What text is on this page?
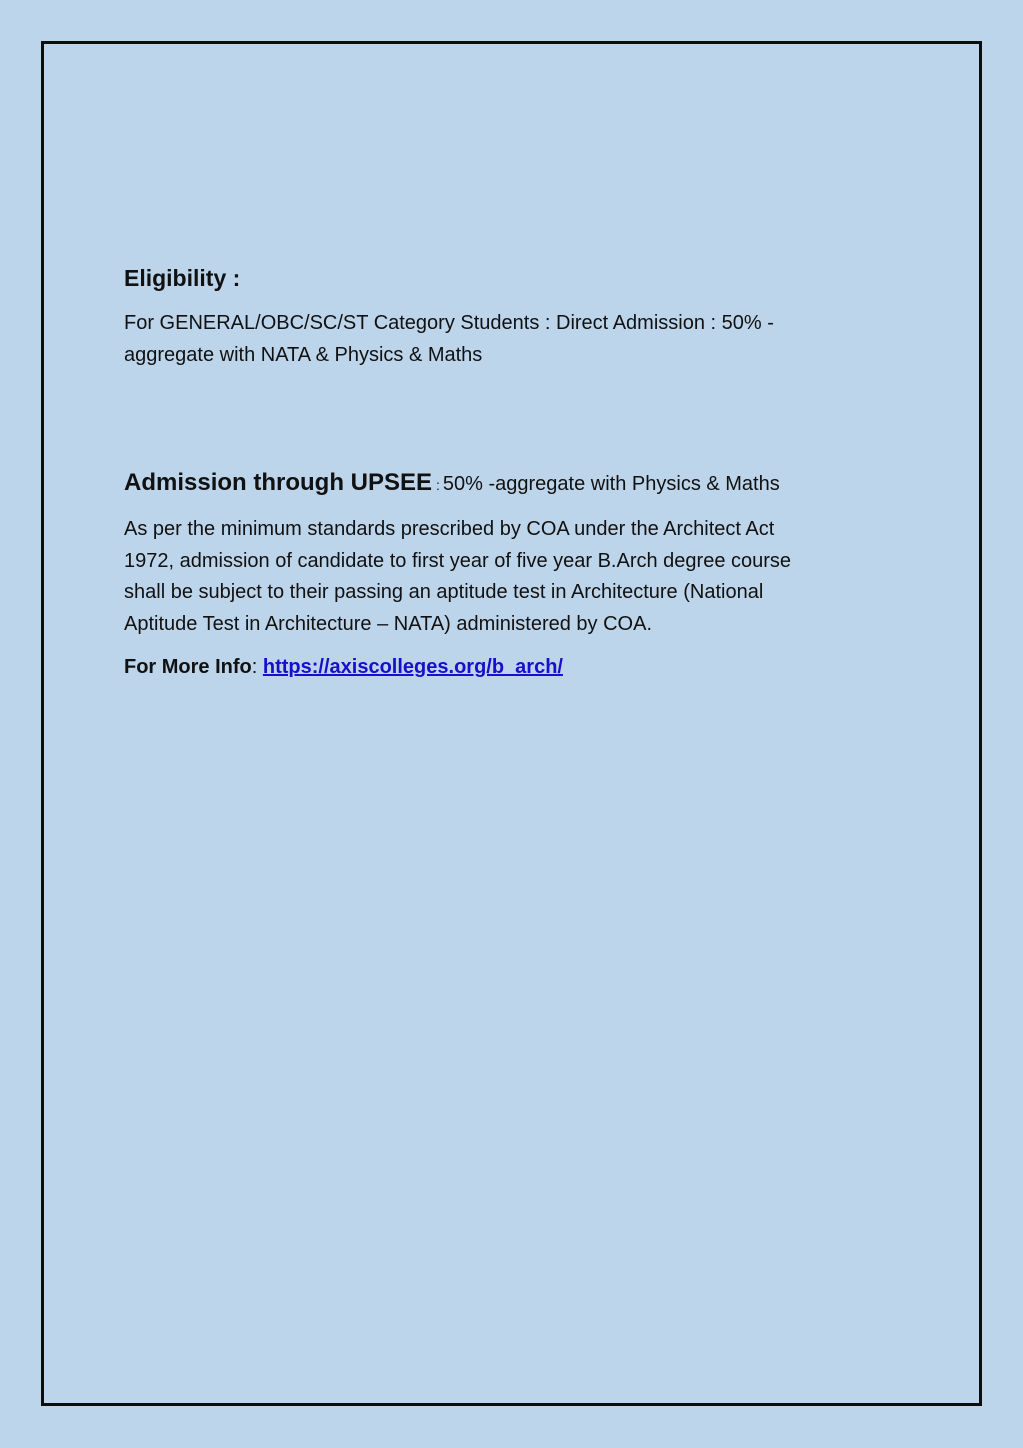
Eligibility :

For GENERAL/OBC/SC/ST Category Students : Direct Admission : 50% -
aggregate with NATA & Physics & Maths

Admission through UPSEE : 50% -aggregate with Physics & Maths

As per the minimum standards prescribed by COA under the Architect Act
1972, admission of candidate to first year of five year B.Arch degree course
shall be subject to their passing an aptitude test in Architecture (National
Aptitude Test in Architecture – NATA) administered by COA.

For More Info: https://axiscolleges.org/b_arch/
